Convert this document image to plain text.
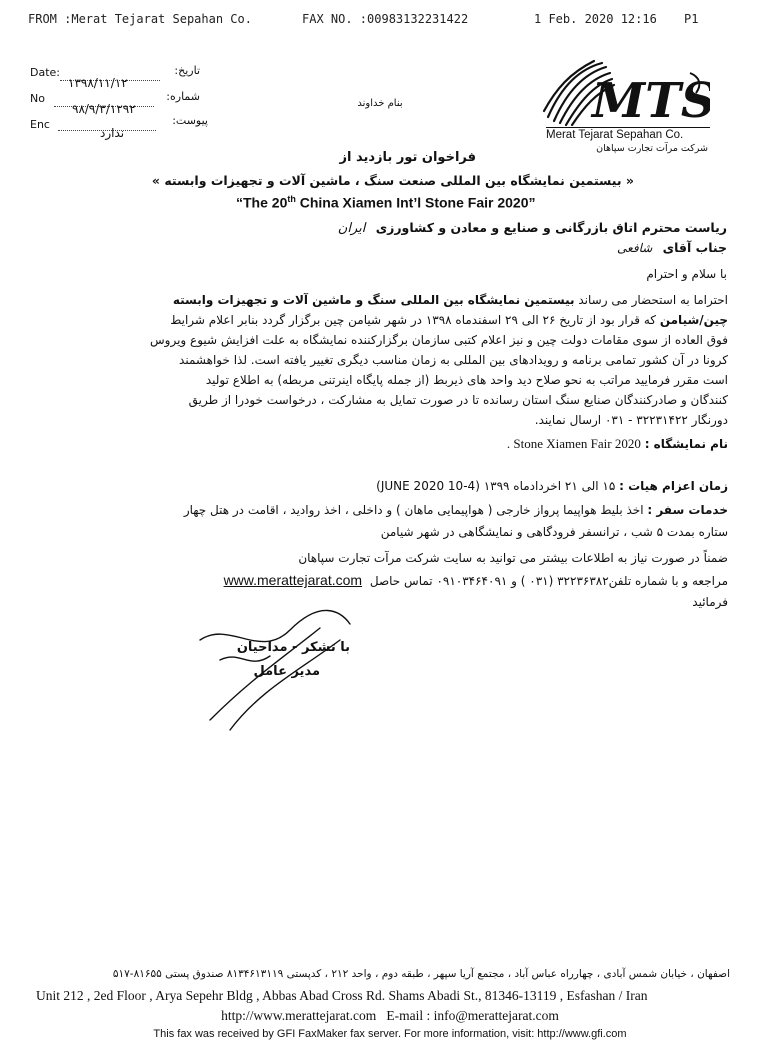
FROM :Merat Tejarat Sepahan Co.	FAX NO. :00983132231422	1 Feb. 2020 12:16 P1
Date:	تاریخ:
۱۳۹۸/۱۱/۱۲
No	شماره:
۹۸/۹/۳/۱۲۹۲
Enc	پیوست:
ندارد
MTS
Merat Tejarat Sepahan Co.
شرکت مرآت تجارت سپاهان
بنام خداوند
فراخوان تور بازدید از
« بیستمین نمایشگاه بین المللی صنعت سنگ ، ماشین آلات و تجهیزات وابسته »
“The 20th China Xiamen Int’l Stone Fair 2020”
ریاست محترم اتاق بازرگانی و صنایع و معادن و کشاورزی ایران
جناب آقای شافعی
با سلام و احترام
احتراما به استحضار می رساند بیستمین نمایشگاه بین المللی سنگ و ماشین آلات و تجهیزات وابسته
چین/شیامن که قرار بود از تاریخ ۲۶ الی ۲۹ اسفندماه ۱۳۹۸ در شهر شیامن چین برگزار گردد بنابر اعلام شرایط
فوق العاده از سوی مقامات دولت چین و نیز اعلام کتبی سازمان برگزارکننده نمایشگاه به علت افزایش شیوع ویروس
کرونا در آن کشور تمامی برنامه و رویدادهای بین المللی به زمان مناسب دیگری تغییر یافته است. لذا خواهشمند
است مقرر فرمایید مراتب به نحو صلاح دید واحد های ذیربط (از جمله پایگاه اینرتنی مربطه) به اطلاع تولید
کنندگان و صادرکنندگان صنایع سنگ استان رسانده تا در صورت تمایل به مشارکت ، درخواست خودرا از طریق
دورنگار ۳۲۲۳۱۴۲۲ - ۰۳۱ ارسال نمایند.
نام نمایشگاه : Stone Xiamen Fair 2020 .
زمان اعزام هیات : ۱۵ الی ۲۱ اخردادماه ۱۳۹۹ (4-10 JUNE 2020)
خدمات سفر : اخذ بلیط هواپیما پرواز خارجی ( هواپیمایی ماهان ) و داخلی ، اخذ روادید ، اقامت در هتل چهار
ستاره بمدت ۵ شب ، ترانسفر فرودگاهی و نمایشگاهی در شهر شیامن
ضمناً در صورت نیاز به اطلاعات بیشتر می توانید به سایت شرکت مرآت تجارت سپاهان
مراجعه و با شماره تلفن۳۲۲۳۶۳۸۲ (۰۳۱ ) و ۰۹۱۰۳۴۶۴۰۹۱ تماس حاصل www.merattejarat.com
فرمائید
با تشکر - مداحیان
مدیر عامل
اصفهان ، خیابان شمس آبادی ، چهارراه عباس آباد ، مجتمع آریا سپهر ، طبقه دوم ، واحد ۲۱۲ ، کدپستی ۸۱۳۴۶۱۳۱۱۹ صندوق پستی ۸۱۶۵۵-۵۱۷
Unit 212 , 2ed Floor , Arya Sepehr Bldg , Abbas Abad Cross Rd. Shams Abadi St., 81346-13119 , Esfashan / Iran
http://www.merattejarat.com   E-mail : info@merattejarat.com
This fax was received by GFI FaxMaker fax server. For more information, visit: http://www.gfi.com
